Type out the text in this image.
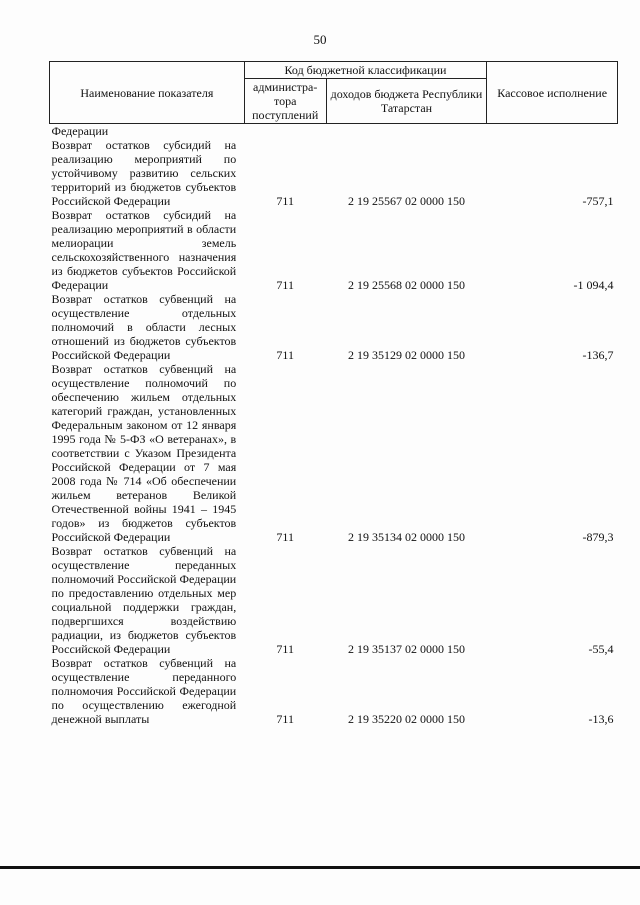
50
Наименование показателя	Код бюджетной классификации		Кассовое исполнение
	администра-тора поступлений	доходов бюджета Республики Татарстан	
Федерации			
Возврат остатков субсидий на реализацию мероприятий по устойчивому развитию сельских территорий из бюджетов субъектов Российской Федерации	711	2 19 25567 02 0000 150	-757,1
Возврат остатков субсидий на реализацию мероприятий в области мелиорации земель сельскохозяйственного назначения из бюджетов субъектов Российской Федерации	711	2 19 25568 02 0000 150	-1 094,4
Возврат остатков субвенций на осуществление отдельных полномочий в области лесных отношений из бюджетов субъектов Российской Федерации	711	2 19 35129 02 0000 150	-136,7
Возврат остатков субвенций на осуществление полномочий по обеспечению жильем отдельных категорий граждан, установленных Федеральным законом от 12 января 1995 года № 5-ФЗ «О ветеранах», в соответствии с Указом Президента Российской Федерации от 7 мая 2008 года № 714 «Об обеспечении жильем ветеранов Великой Отечественной войны 1941 – 1945 годов» из бюджетов субъектов Российской Федерации	711	2 19 35134 02 0000 150	-879,3
Возврат остатков субвенций на осуществление переданных полномочий Российской Федерации по предоставлению отдельных мер социальной поддержки граждан, подвергшихся воздействию радиации, из бюджетов субъектов Российской Федерации	711	2 19 35137 02 0000 150	-55,4
Возврат остатков субвенций на осуществление переданного полномочия Российской Федерации по осуществлению ежегодной денежной выплаты	711	2 19 35220 02 0000 150	-13,6
